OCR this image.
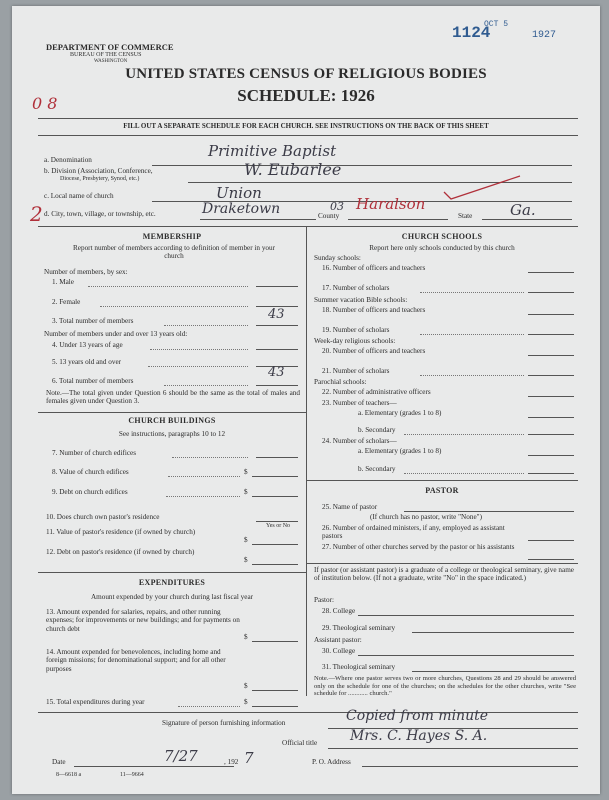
1124
OCT 5
1927
DEPARTMENT OF COMMERCE
BUREAU OF THE CENSUS
WASHINGTON
UNITED STATES CENSUS OF RELIGIOUS BODIES
SCHEDULE: 1926
0 8
FILL OUT A SEPARATE SCHEDULE FOR EACH CHURCH. SEE INSTRUCTIONS ON THE BACK OF THIS SHEET
a. Denomination	Primitive Baptist
b. Division (Association, Conference,
Diocese, Presbytery, Synod, etc.)	W. Eubarlee
c. Local name of church	Union
2 d. City, town, village, or township, etc.	Draketown	03
County
Haralson
State	Ga.
MEMBERSHIP
Report number of members according to definition of member in your church
Number of members, by sex:
1. Male
2. Female
3. Total number of members	43
Number of members under and over 13 years old:
4. Under 13 years of age
5. 13 years old and over
6. Total number of members
43
Note.—The total given under Question 6 should be the same as the total of males and females given under Question 3.
CHURCH BUILDINGS
See instructions, paragraphs 10 to 12
7. Number of church edifices
8. Value of church edifices	$
9. Debt on church edifices	$
10. Does church own pastor's residence
Yes or No
11. Value of pastor's residence (if owned by church)
$
12. Debt on pastor's residence (if owned by church)
$
EXPENDITURES
Amount expended by your church during last fiscal year
13. Amount expended for salaries, repairs, and other running expenses; for improvements or new buildings; and for payments on church debt
$
14. Amount expended for benevolences, including home and foreign missions; for denominational support; and for all other purposes
$
15. Total expenditures during year	$
CHURCH SCHOOLS
Report here only schools conducted by this church
Sunday schools:
16. Number of officers and teachers
17. Number of scholars
Summer vacation Bible schools:
18. Number of officers and teachers
19. Number of scholars
Week-day religious schools:
20. Number of officers and teachers
21. Number of scholars
Parochial schools:
22. Number of administrative officers
23. Number of teachers—
a. Elementary (grades 1 to 8)
b. Secondary
24. Number of scholars—
a. Elementary (grades 1 to 8)
b. Secondary
PASTOR
25. Name of pastor
(If church has no pastor, write "None")
26. Number of ordained ministers, if any, employed as assistant pastors
27. Number of other churches served by the pastor or his assistants
If pastor (or assistant pastor) is a graduate of a college or theological seminary, give name of institution below. (If not a graduate, write "No" in the space indicated.)
Pastor:
28. College
29. Theological seminary
Assistant pastor:
30. College
31. Theological seminary
Note.—Where one pastor serves two or more churches, Questions 28 and 29 should be answered only on the schedule for one of the churches; on the schedules for the other churches, write "See schedule for ............ church."
Signature of person furnishing information	Copied from minute
Official title Mrs. C. Hayes S. A.
Date	7/27	, 192 7	P. O. Address
8—6618 a	11—9664
